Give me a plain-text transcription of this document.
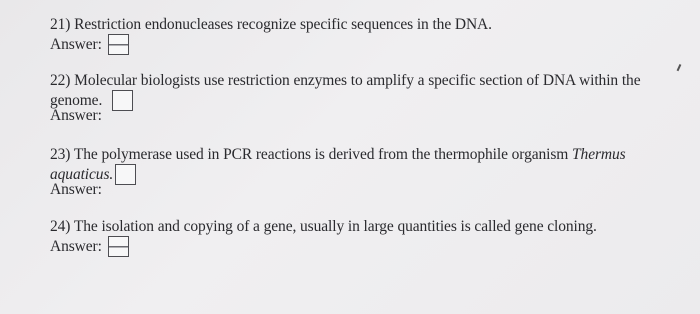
21) Restriction endonucleases recognize specific sequences in the DNA.
Answer:
22) Molecular biologists use restriction enzymes to amplify a specific section of DNA within the
genome.
Answer:
23) The polymerase used in PCR reactions is derived from the thermophile organism Thermus
aquaticus.
Answer:
24) The isolation and copying of a gene, usually in large quantities is called gene cloning.
Answer:
